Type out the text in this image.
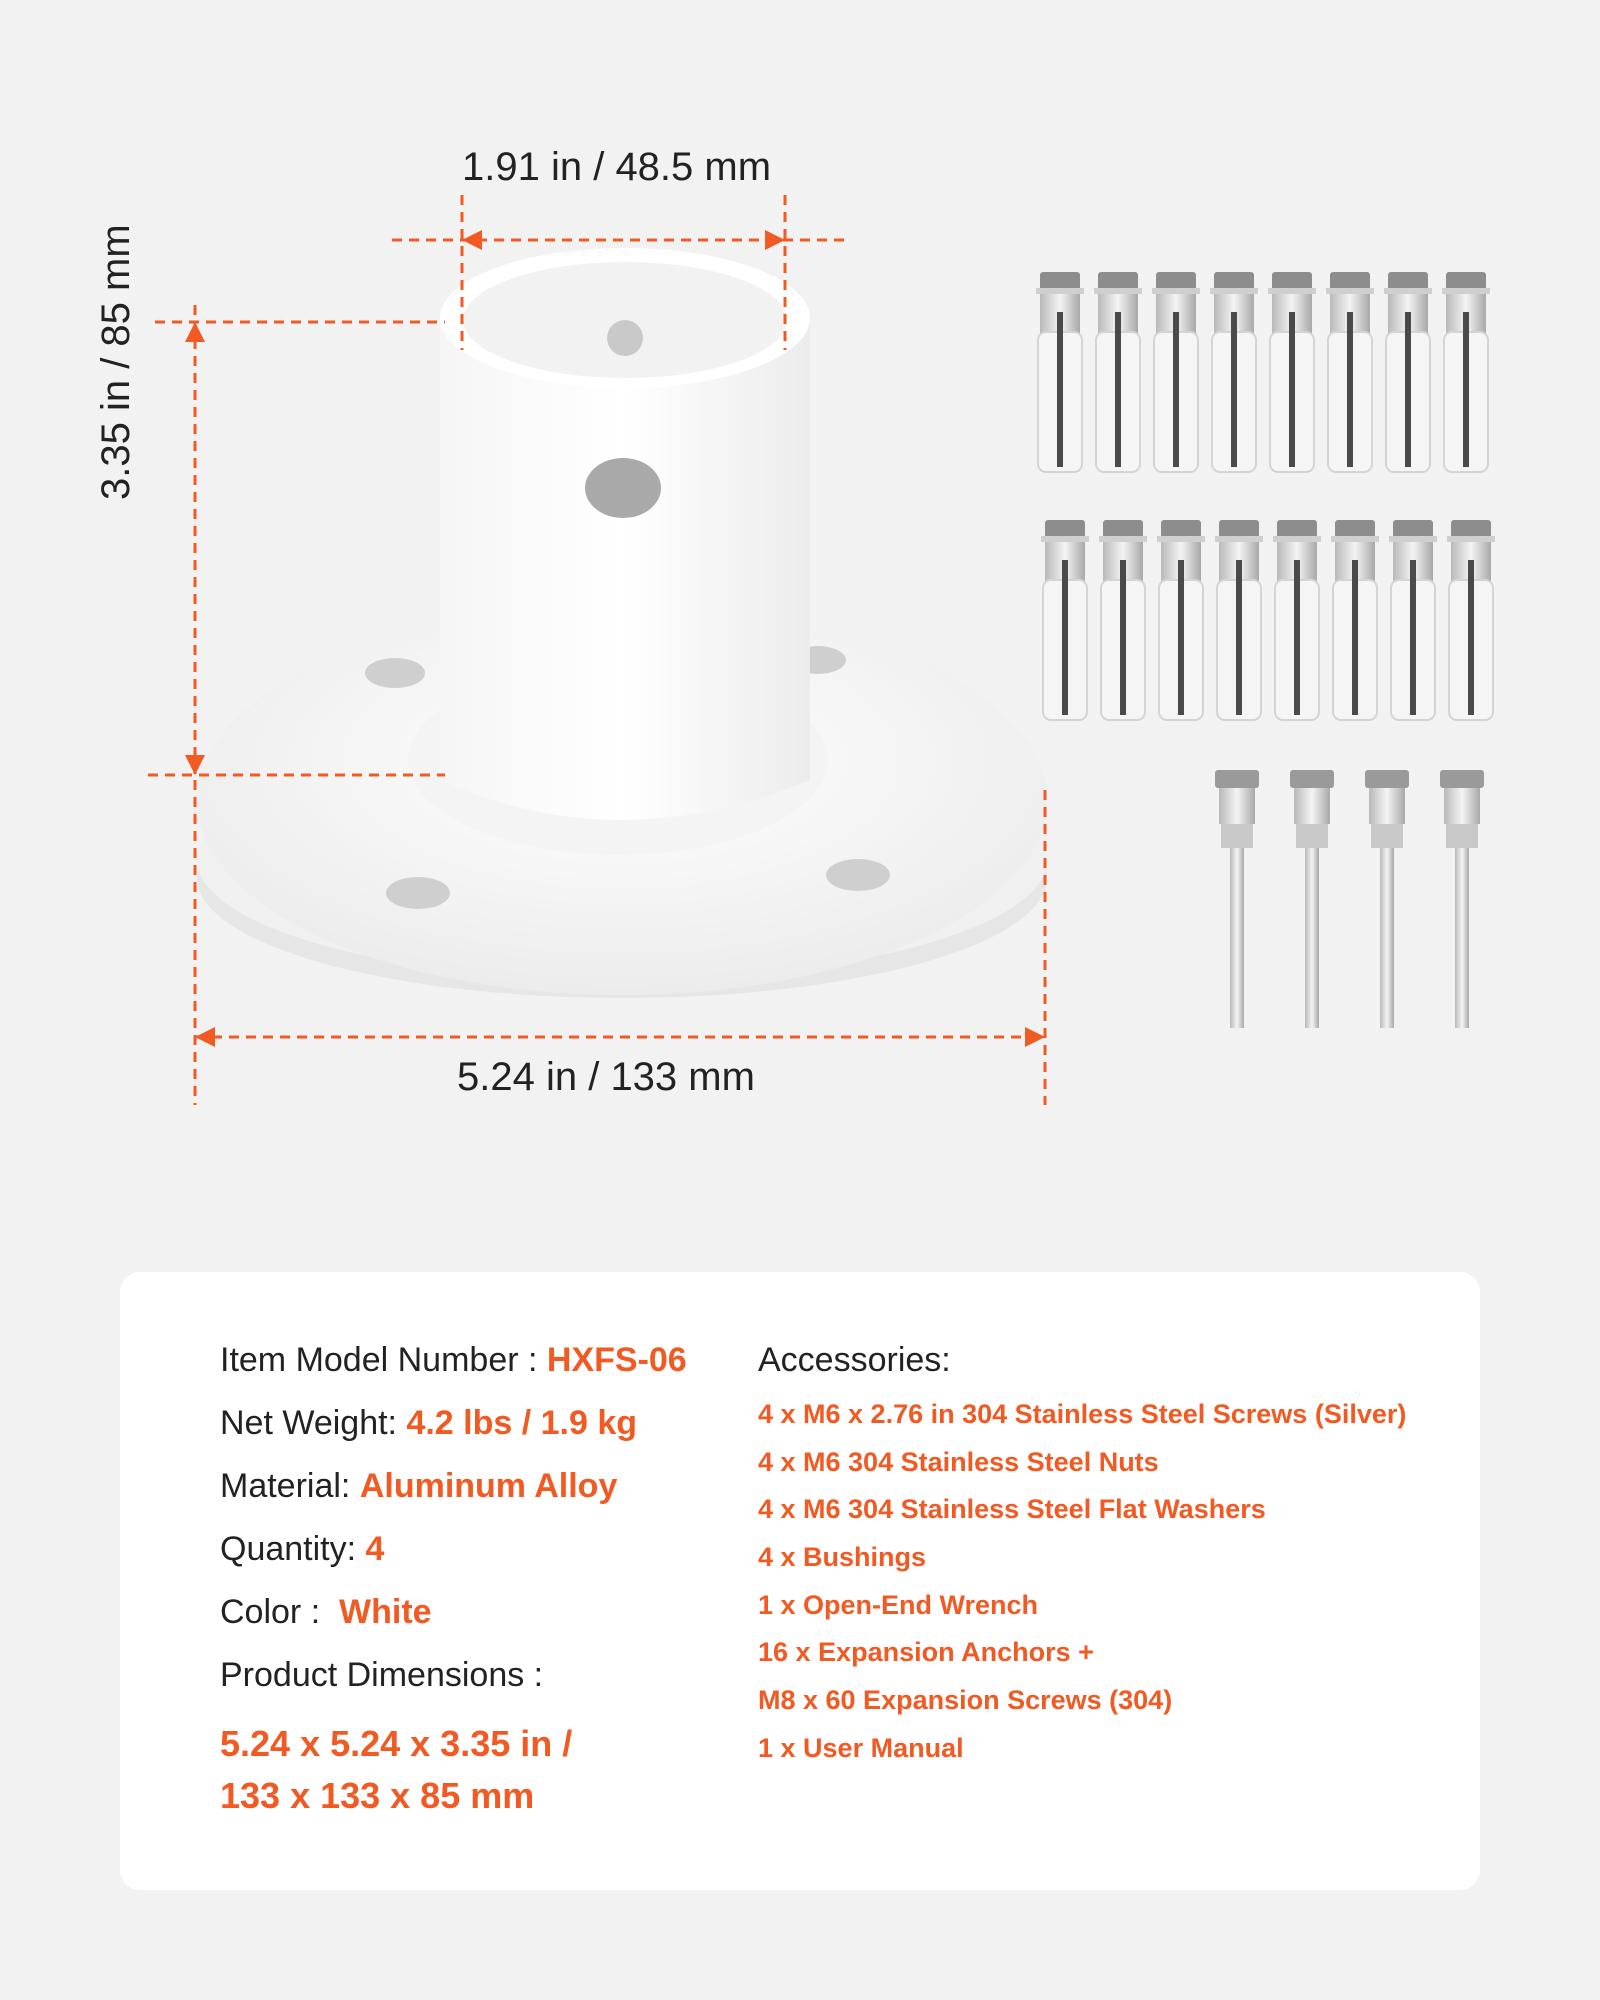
1.91 in / 48.5 mm
3.35 in / 85 mm
5.24 in / 133 mm
Item Model Number : HXFS-06
Net Weight: 4.2 lbs / 1.9 kg
Material: Aluminum Alloy
Quantity: 4
Color :  White
Product Dimensions :
5.24 x 5.24 x 3.35 in /
133 x 133 x 85 mm
Accessories:
4 x M6 x 2.76 in 304 Stainless Steel Screws (Silver)
4 x M6 304 Stainless Steel Nuts
4 x M6 304 Stainless Steel Flat Washers
4 x Bushings
1 x Open-End Wrench
16 x Expansion Anchors +
M8 x 60 Expansion Screws (304)
1 x User Manual
